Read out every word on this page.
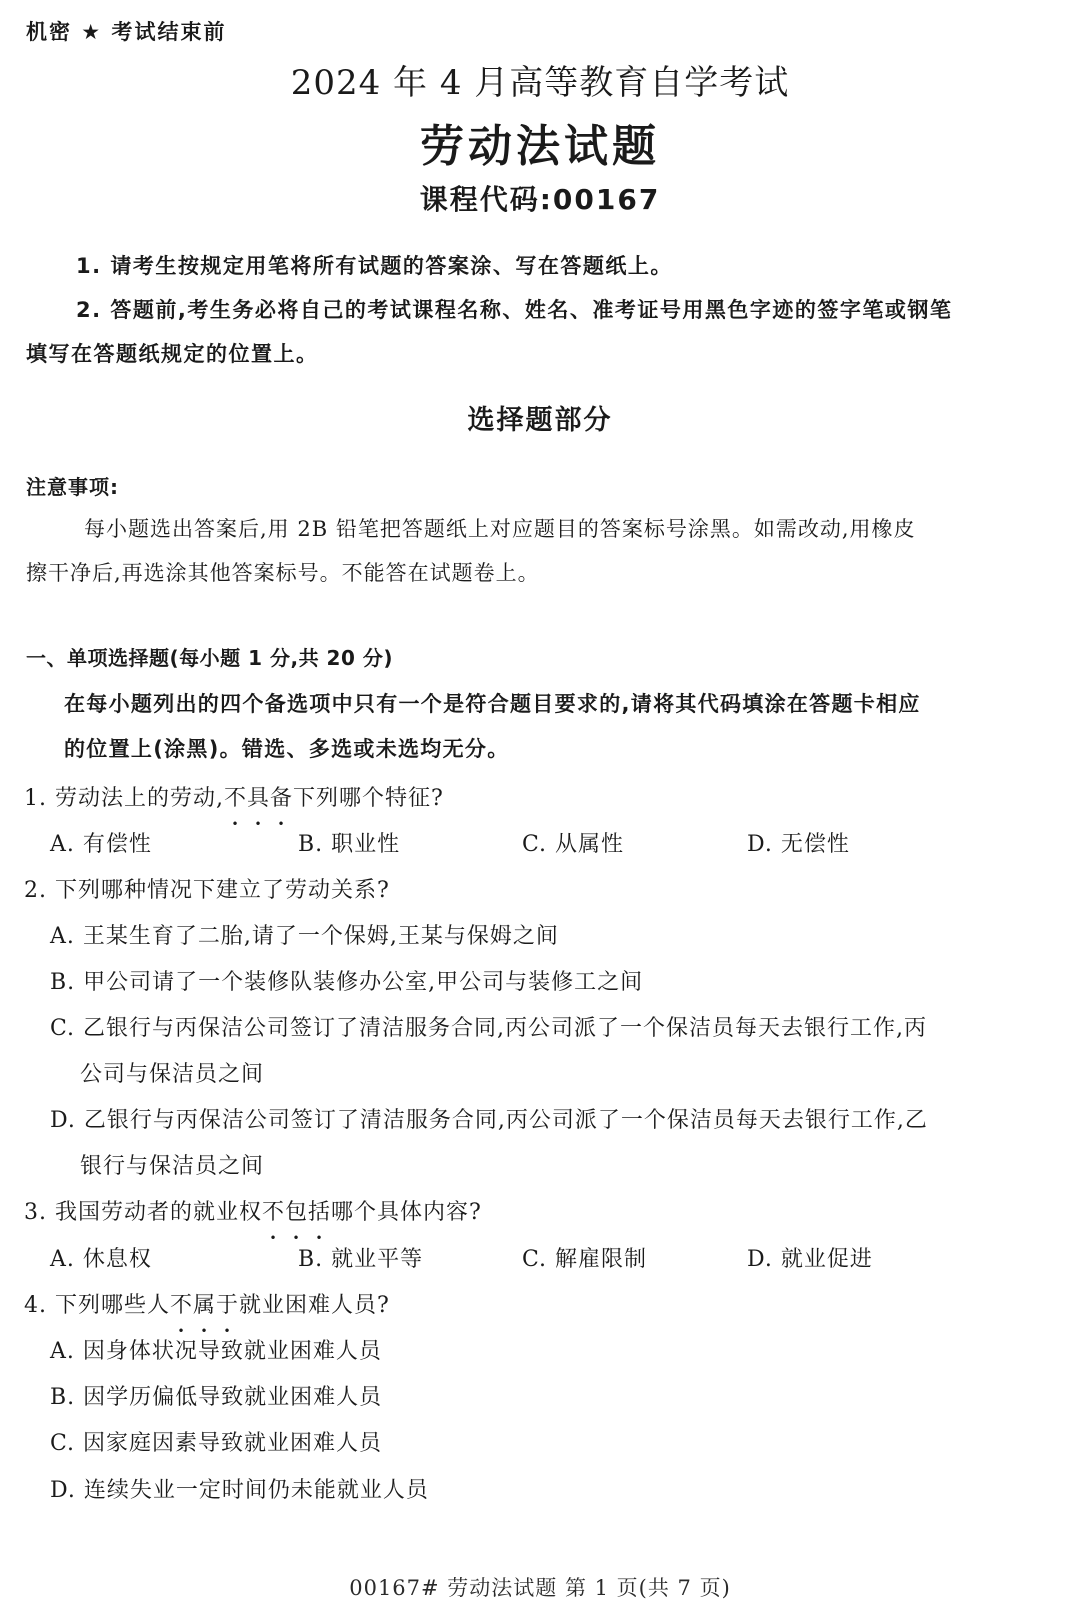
机密 ★ 考试结束前
2024 年 4 月高等教育自学考试
劳动法试题
课程代码:00167
1. 请考生按规定用笔将所有试题的答案涂、写在答题纸上。
2. 答题前,考生务必将自己的考试课程名称、姓名、准考证号用黑色字迹的签字笔或钢笔
填写在答题纸规定的位置上。
选择题部分
注意事项:
每小题选出答案后,用 2B 铅笔把答题纸上对应题目的答案标号涂黑。如需改动,用橡皮
擦干净后,再选涂其他答案标号。不能答在试题卷上。
一、单项选择题(每小题 1 分,共 20 分)
在每小题列出的四个备选项中只有一个是符合题目要求的,请将其代码填涂在答题卡相应
的位置上(涂黑)。错选、多选或未选均无分。
1. 劳动法上的劳动,不具备下列哪个特征?
A. 有偿性	B. 职业性	C. 从属性	D. 无偿性
2. 下列哪种情况下建立了劳动关系?
A. 王某生育了二胎,请了一个保姆,王某与保姆之间
B. 甲公司请了一个装修队装修办公室,甲公司与装修工之间
C. 乙银行与丙保洁公司签订了清洁服务合同,丙公司派了一个保洁员每天去银行工作,丙
公司与保洁员之间
D. 乙银行与丙保洁公司签订了清洁服务合同,丙公司派了一个保洁员每天去银行工作,乙
银行与保洁员之间
3. 我国劳动者的就业权不包括哪个具体内容?
A. 休息权	B. 就业平等	C. 解雇限制	D. 就业促进
4. 下列哪些人不属于就业困难人员?
A. 因身体状况导致就业困难人员
B. 因学历偏低导致就业困难人员
C. 因家庭因素导致就业困难人员
D. 连续失业一定时间仍未能就业人员
00167# 劳动法试题 第 1 页(共 7 页)
